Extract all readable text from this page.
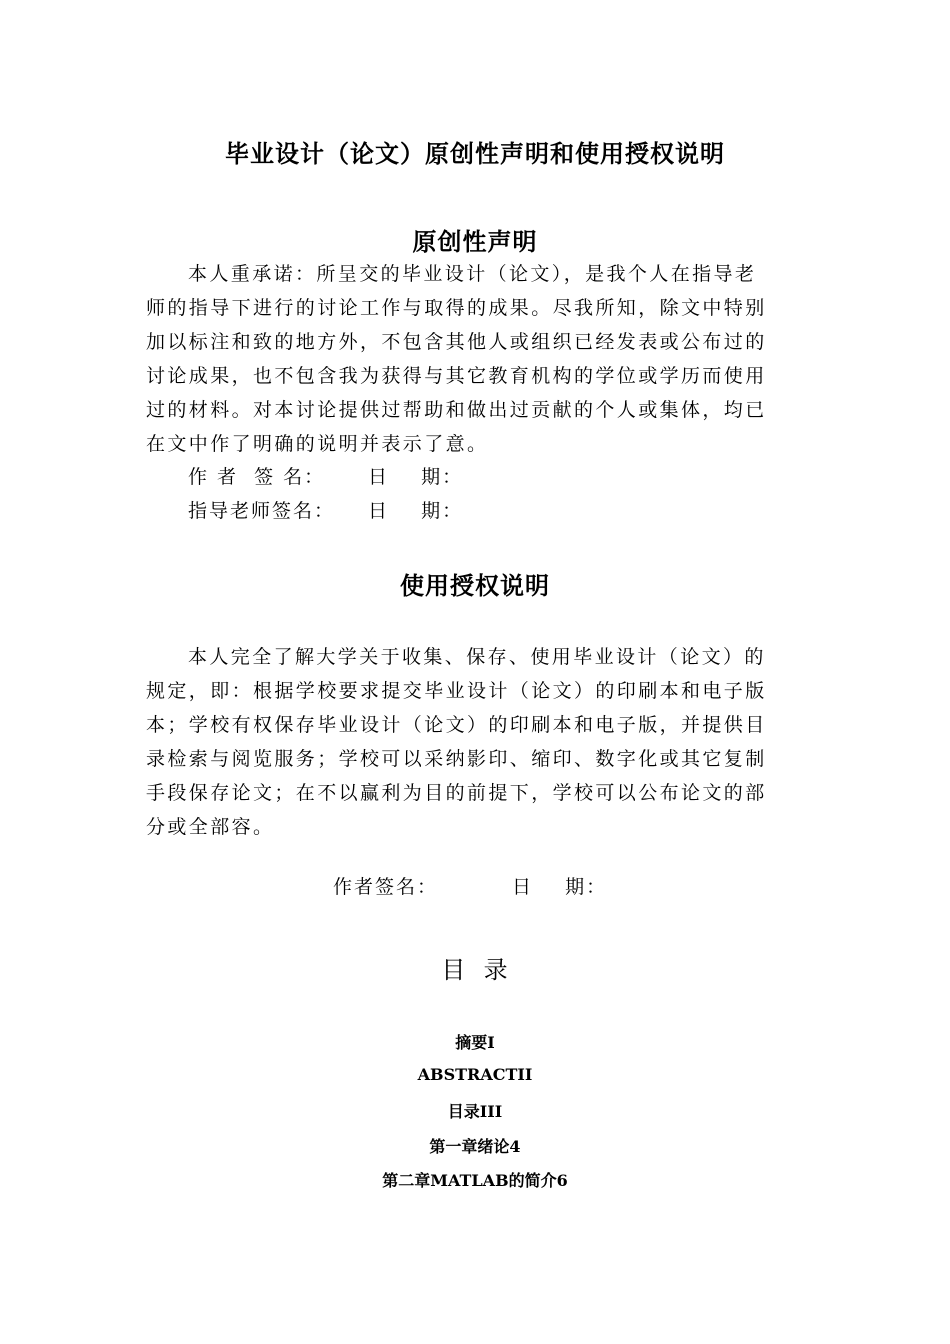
毕业设计（论文）原创性声明和使用授权说明
原创性声明

本人重承诺：所呈交的毕业设计（论文），是我个人在指导老

师的指导下进行的讨论工作与取得的成果。尽我所知，除文中特别

加以标注和致的地方外，不包含其他人或组织已经发表或公布过的

讨论成果，也不包含我为获得与其它教育机构的学位或学历而使用

过的材料。对本讨论提供过帮助和做出过贡献的个人或集体，均已

在文中作了明确的说明并表示了意。

作 者  签 名： 日    期：
指导老师签名： 日    期：
使用授权说明

本人完全了解大学关于收集、保存、使用毕业设计（论文）的

规定，即：根据学校要求提交毕业设计（论文）的印刷本和电子版

本；学校有权保存毕业设计（论文）的印刷本和电子版，并提供目

录检索与阅览服务；学校可以采纳影印、缩印、数字化或其它复制

手段保存论文；在不以赢利为目的前提下，学校可以公布论文的部

分或全部容。

作者签名：	日    期：
目  录
摘要I
ABSTRACTII
目录III
第一章绪论4
第二章MATLAB的简介6
